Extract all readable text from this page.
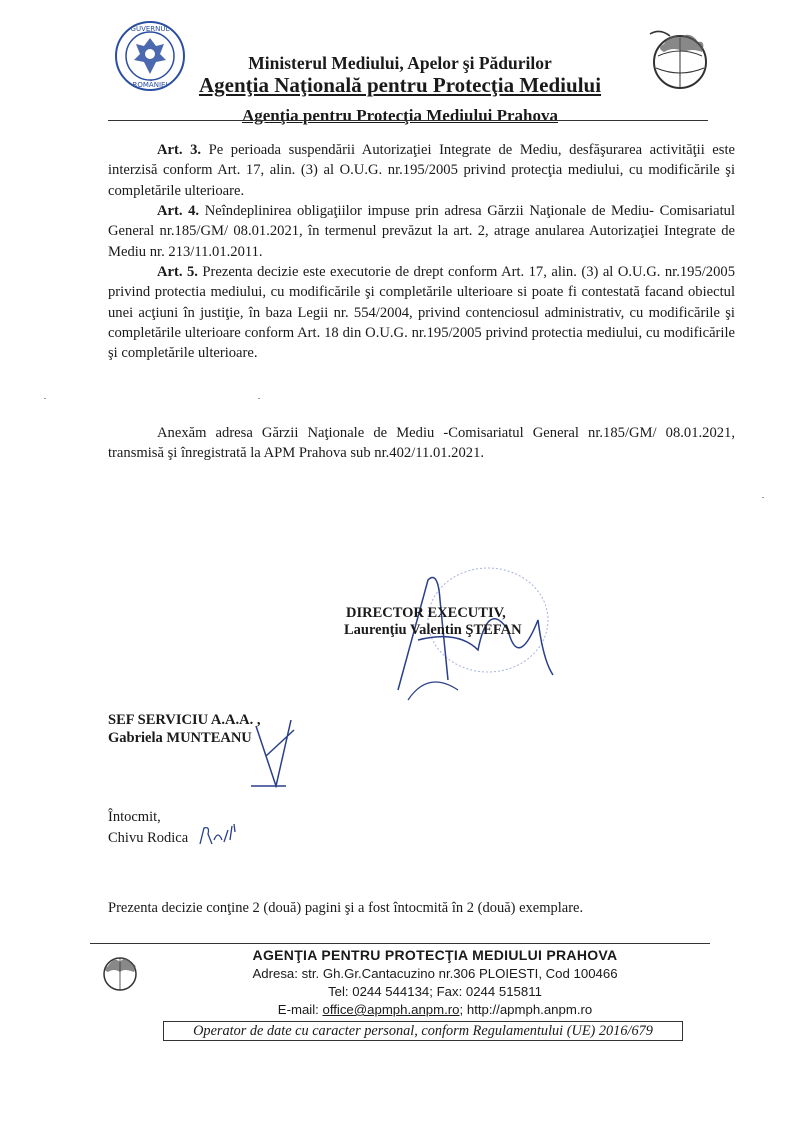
GUVERNUL
ROMÂNIEI
Ministerul Mediului, Apelor şi Pădurilor
Agenţia Naţională pentru Protecţia Mediului
Agenţia pentru Protecţia Mediului Prahova
Art. 3. Pe perioada suspendării Autorizaţiei Integrate de Mediu, desfăşurarea activităţii este interzisă conform Art. 17, alin. (3) al O.U.G. nr.195/2005 privind protecţia mediului, cu modificările şi completările ulterioare.
Art. 4. Neîndeplinirea obligaţiilor impuse prin adresa Gărzii Naţionale de Mediu- Comisariatul General nr.185/GM/ 08.01.2021, în termenul prevăzut la art. 2, atrage anularea Autorizaţiei Integrate de Mediu nr. 213/11.01.2011.
Art. 5. Prezenta decizie este executorie de drept conform Art. 17, alin. (3) al O.U.G. nr.195/2005 privind protectia mediului, cu modificările şi completările ulterioare si poate fi contestată facand obiectul unei acţiuni în justiţie, în baza Legii nr. 554/2004, privind contenciosul administrativ, cu modificările şi completările ulterioare conform Art. 18 din O.U.G. nr.195/2005 privind protectia mediului, cu modificările şi completările ulterioare.
Anexăm adresa Gărzii Naţionale de Mediu -Comisariatul General nr.185/GM/ 08.01.2021, transmisă şi înregistrată la APM Prahova sub nr.402/11.01.2021.
DIRECTOR EXECUTIV,
Laurenţiu Valentin ŞTEFAN
SEF SERVICIU A.A.A. ,
Gabriela MUNTEANU
Întocmit,
Chivu Rodica
Prezenta decizie conţine 2 (două) pagini şi a fost întocmită în 2 (două) exemplare.
AGENŢIA PENTRU PROTECŢIA MEDIULUI PRAHOVA
Adresa: str. Gh.Gr.Cantacuzino nr.306 PLOIESTI, Cod 100466
Tel: 0244 544134; Fax: 0244 515811
E-mail: office@apmph.anpm.ro; http://apmph.anpm.ro
Operator de date cu caracter personal, conform Regulamentului (UE) 2016/679
